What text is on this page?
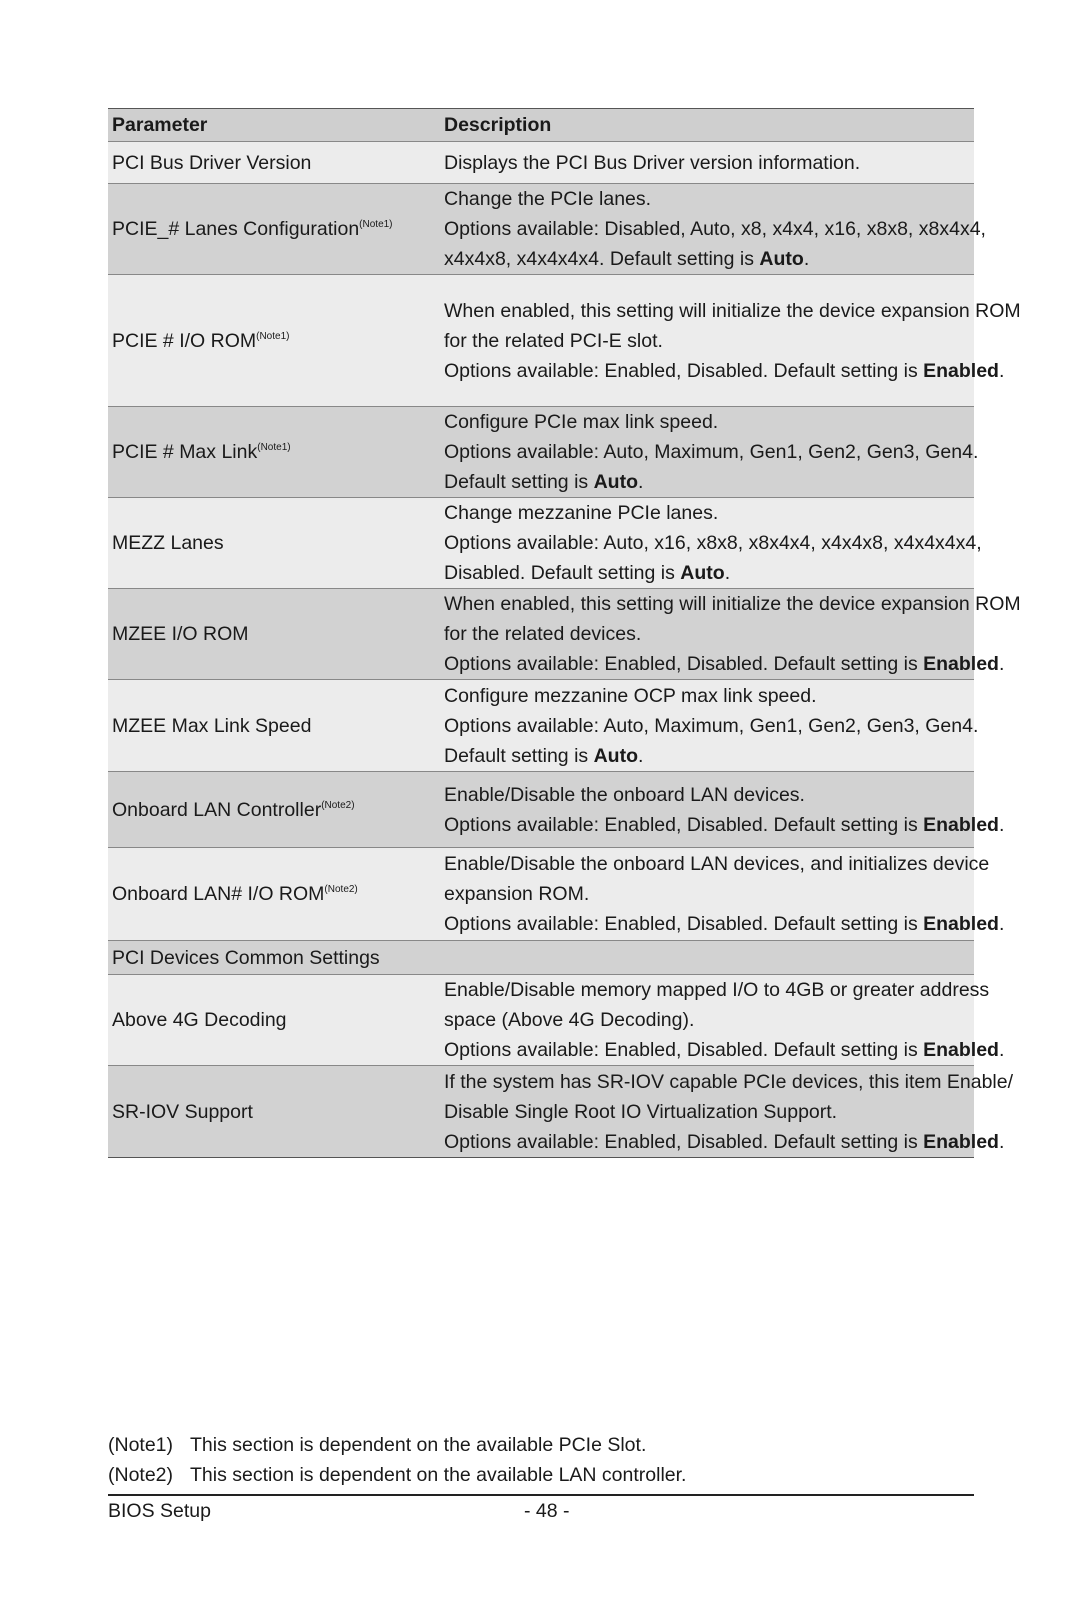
Parameter	Description
PCI Bus Driver Version	Displays the PCI Bus Driver version information.

PCIE_# Lanes Configuration$^{(Note1)}$	Change the PCIe lanes.
Options available: Disabled, Auto, x8, x4x4, x16, x8x8, x8x4x4,
x4x4x8, x4x4x4x4. Default setting is Auto.

PCIE # I/O ROM$^{(Note1)}$	When enabled, this setting will initialize the device expansion ROM
for the related PCI-E slot.
Options available: Enabled, Disabled. Default setting is Enabled.

PCIE # Max Link$^{(Note1)}$	Configure PCIe max link speed.
Options available: Auto, Maximum, Gen1, Gen2, Gen3, Gen4.
Default setting is Auto.

MEZZ Lanes	Change mezzanine PCIe lanes.
Options available: Auto, x16, x8x8, x8x4x4, x4x4x8, x4x4x4x4,
Disabled. Default setting is Auto.

MZEE I/O ROM	When enabled, this setting will initialize the device expansion ROM
for the related devices.
Options available: Enabled, Disabled. Default setting is Enabled.

MZEE Max Link Speed	Configure mezzanine OCP max link speed.
Options available: Auto, Maximum, Gen1, Gen2, Gen3, Gen4.
Default setting is Auto.

Onboard LAN Controller$^{(Note2)}$	Enable/Disable the onboard LAN devices.
Options available: Enabled, Disabled. Default setting is Enabled.

Onboard LAN# I/O ROM$^{(Note2)}$	Enable/Disable the onboard LAN devices, and initializes device
expansion ROM.
Options available: Enabled, Disabled. Default setting is Enabled.

PCI Devices Common Settings	
Above 4G Decoding	Enable/Disable memory mapped I/O to 4GB or greater address
space (Above 4G Decoding).
Options available: Enabled, Disabled. Default setting is Enabled.

SR-IOV Support	If the system has SR-IOV capable PCIe devices, this item Enable/
Disable Single Root IO Virtualization Support.
Options available: Enabled, Disabled. Default setting is Enabled.
(Note1) This section is dependent on the available PCIe Slot.
(Note2) This section is dependent on the available LAN controller.
BIOS Setup	- 48 -
